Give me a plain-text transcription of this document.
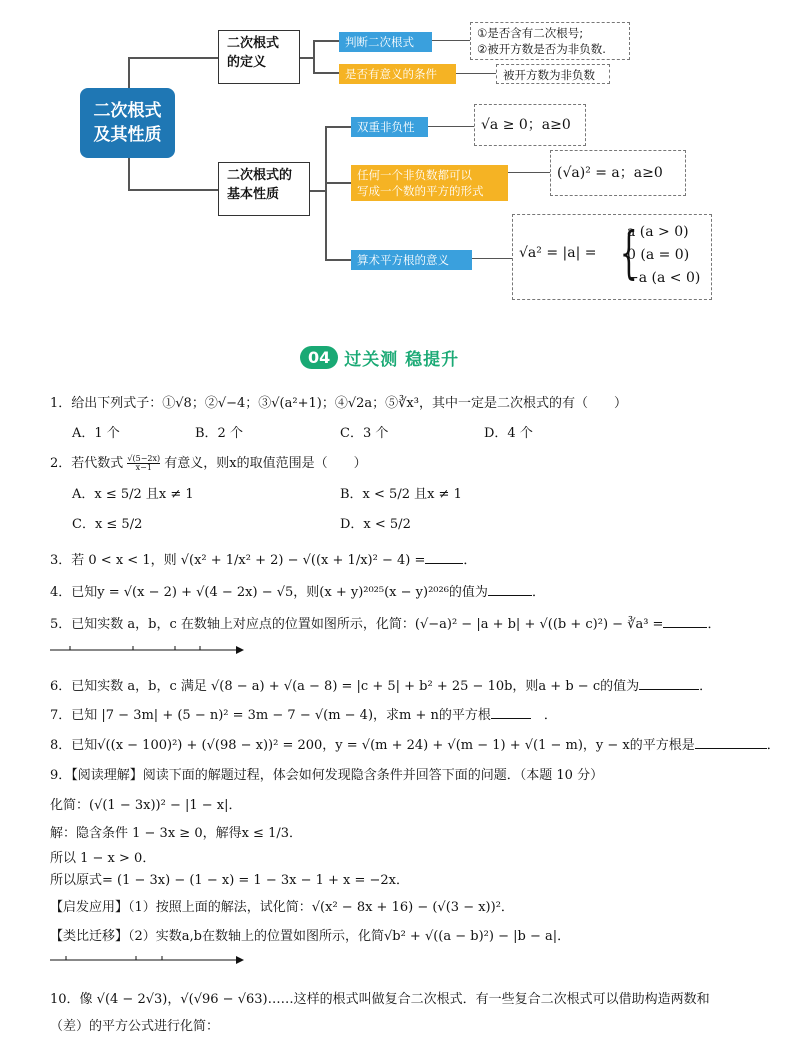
二次根式
及其性质
二次根式
的定义
二次根式的
基本性质
判断二次根式
是否有意义的条件
①是否含有二次根号;
②被开方数是否为非负数.
被开方数为非负数
双重非负性
任何一个非负数都可以
写成一个数的平方的形式
算术平方根的意义
√a ≥ 0；a≥0
(√a)² = a；a≥0
√a² = |a| = {
a (a > 0)
0 (a = 0)
−a (a < 0)
04 过关测 稳提升
1．给出下列式子：①√8；②√−4；③√(a²+1)；④√2a；⑤∛x³，其中一定是二次根式的有（　　）
A．1 个	B．2 个	C．3 个	D．4 个
2．若代数式 $\frac{√(5-2x)}{x-1}$ 有意义，则x的取值范围是（　　）
A．x ≤ 5/2 且x ≠ 1	B．x < 5/2 且x ≠ 1
C．x ≤ 5/2	D．x < 5/2
3．若 0 < x < 1，则 √(x² + 1/x² + 2) − √((x + 1/x)² − 4) =	．
4．已知y = √(x − 2) + √(4 − 2x) − √5，则(x + y)²⁰²⁵(x − y)²⁰²⁶的值为	．
5．已知实数 a，b，c 在数轴上对应点的位置如图所示，化简：(√−a)² − |a + b| + √((b + c)²) − ∛a³ =	．
6．已知实数 a，b，c 满足 √(8 − a) + √(a − 8) = |c + 5| + b² + 25 − 10b，则a + b − c的值为	．
7．已知 |7 − 3m| + (5 − n)² = 3m − 7 − √(m − 4)，求m + n的平方根	　．
8．已知√((x − 100)²) + (√(98 − x))² = 200，y = √(m + 24) + √(m − 1) + √(1 − m)，y − x的平方根是	．
9．【阅读理解】阅读下面的解题过程，体会如何发现隐含条件并回答下面的问题．（本题 10 分）
化简：(√(1 − 3x))² − |1 − x|．
解：隐含条件 1 − 3x ≥ 0，解得x ≤ 1/3．
所以 1 − x > 0．
所以原式= (1 − 3x) − (1 − x) = 1 − 3x − 1 + x = −2x．
【启发应用】（1）按照上面的解法，试化简：√(x² − 8x + 16) − (√(3 − x))²．
【类比迁移】（2）实数a,b在数轴上的位置如图所示，化简√b² + √((a − b)²) − |b − a|．
10．像 √(4 − 2√3)，√(√96 − √63)……这样的根式叫做复合二次根式．有一些复合二次根式可以借助构造两数和
（差）的平方公式进行化简：
